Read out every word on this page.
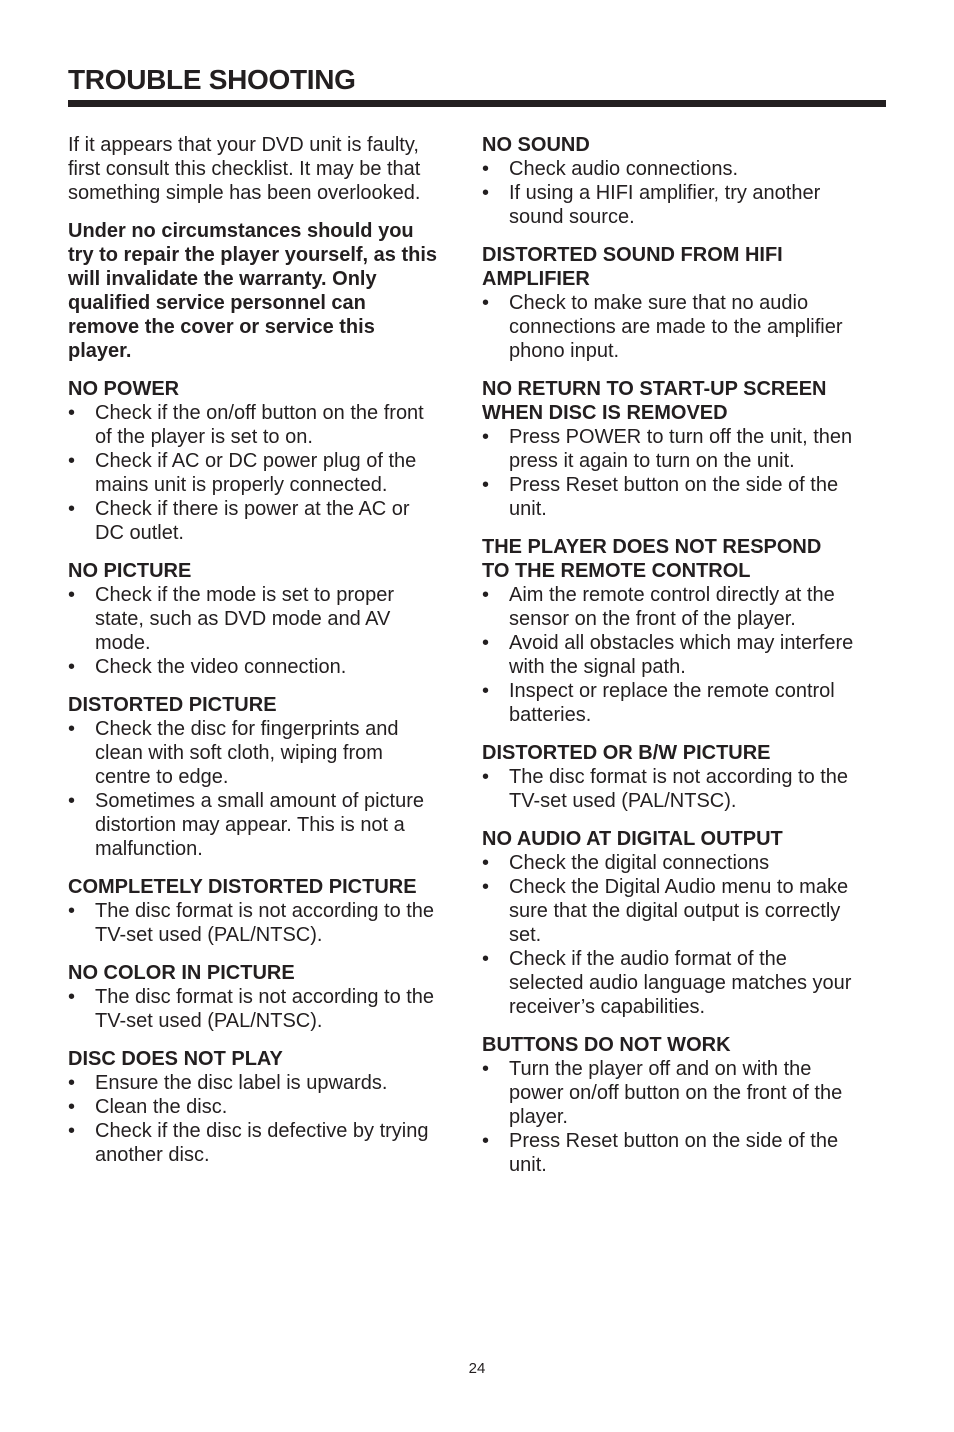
TROUBLE SHOOTING

If it appears that your DVD unit is faulty, first consult this checklist. It may be that something simple has been overlooked.

Under no circumstances should you try to repair the player yourself, as this will invalidate the warranty. Only qualified service personnel can remove the cover or service this player.

NO POWER
• Check if the on/off button on the front of the player is set to on.
• Check if AC or DC power plug of the mains unit is properly connected.
• Check if there is power at the AC or DC outlet.
NO PICTURE
• Check if the mode is set to proper state, such as DVD mode and AV mode.
• Check the video connection.
DISTORTED PICTURE
• Check the disc for fingerprints and clean with soft cloth, wiping from centre to edge.
• Sometimes a small amount of picture distortion may appear. This is not a malfunction.
COMPLETELY DISTORTED PICTURE
• The disc format is not according to the TV-set used (PAL/NTSC).
NO COLOR IN PICTURE
• The disc format is not according to the TV-set used (PAL/NTSC).
DISC DOES NOT PLAY
• Ensure the disc label is upwards.
• Clean the disc.
• Check if the disc is defective by trying another disc.
NO SOUND
• Check audio connections.
• If using a HIFI amplifier, try another sound source.
DISTORTED SOUND FROM HIFI AMPLIFIER
• Check to make sure that no audio connections are made to the amplifier phono input.
NO RETURN TO START-UP SCREEN WHEN DISC IS REMOVED
• Press POWER to turn off the unit, then press it again to turn on the unit.
• Press Reset button on the side of the unit.
THE PLAYER DOES NOT RESPOND TO THE REMOTE CONTROL
• Aim the remote control directly at the sensor on the front of the player.
• Avoid all obstacles which may interfere with the signal path.
• Inspect or replace the remote control batteries.
DISTORTED OR B/W PICTURE
• The disc format is not according to the TV-set used (PAL/NTSC).
NO AUDIO AT DIGITAL OUTPUT
• Check the digital connections
• Check the Digital Audio menu to make sure that the digital output is correctly set.
• Check if the audio format of the selected audio language matches your receiver’s capabilities.
BUTTONS DO NOT WORK
• Turn the player off and on with the power on/off button on the front of the player.
• Press Reset button on the side of the unit.
24
